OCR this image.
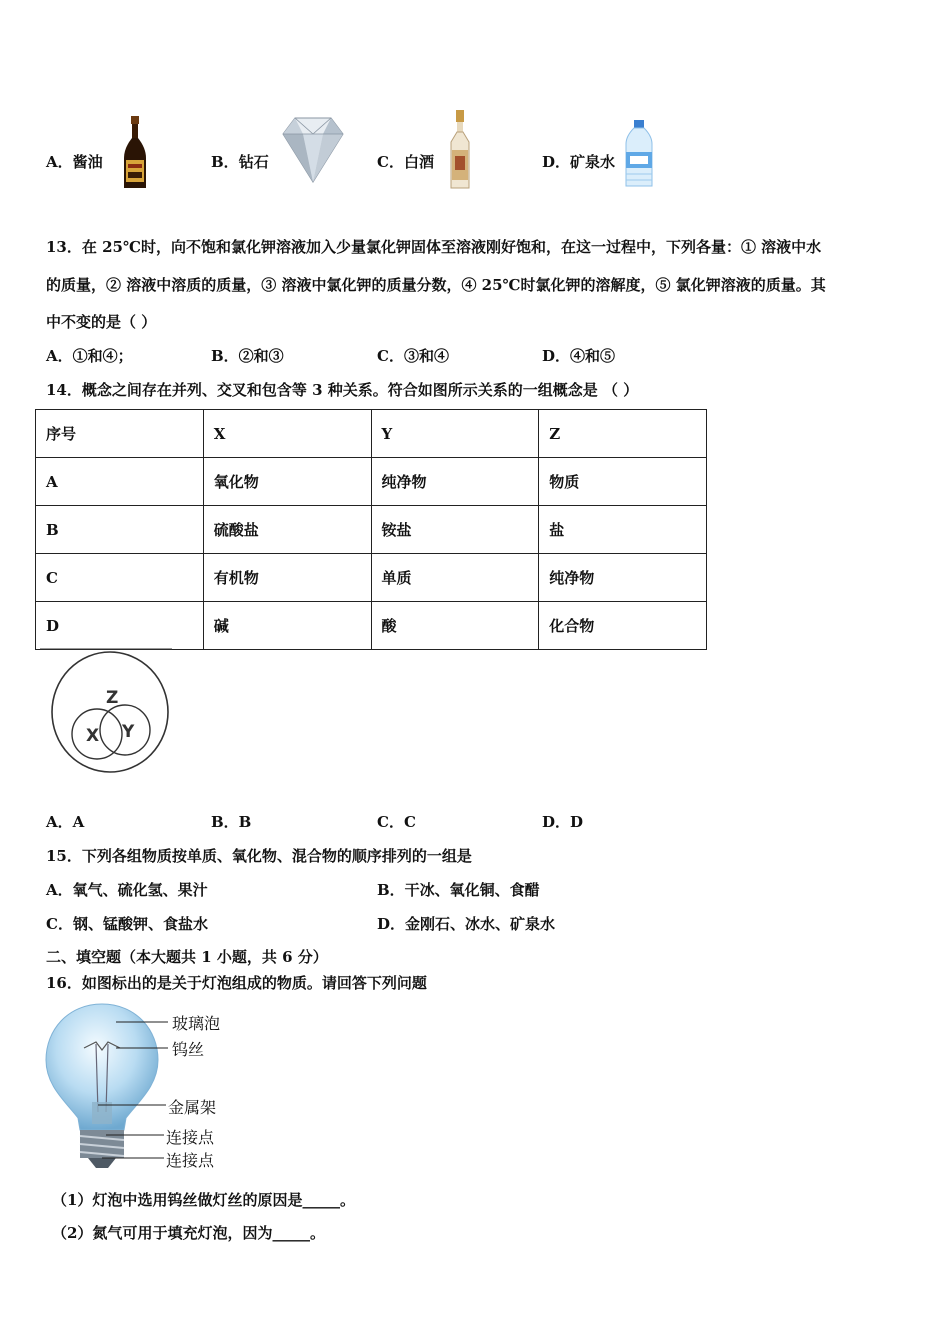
A．酱油	B．钻石	C．白酒	D．矿泉水
13．在 25℃时，向不饱和氯化钾溶液加入少量氯化钾固体至溶液刚好饱和，在这一过程中，下列各量：① 溶液中水
的质量，② 溶液中溶质的质量，③ 溶液中氯化钾的质量分数，④ 25℃时氯化钾的溶解度，⑤ 氯化钾溶液的质量。其
中不变的是（ ）
A．①和④；	B．②和③	C．③和④	D．④和⑤
14．概念之间存在并列、交叉和包含等 3 种关系。符合如图所示关系的一组概念是 （ ）
序号	X	Y	Z
A	氧化物	纯净物	物质
B	硫酸盐	铵盐	盐
C	有机物	单质	纯净物
D	碱	酸	化合物
Z
X Y
A．A	B．B	C．C	D．D
15．下列各组物质按单质、氧化物、混合物的顺序排列的一组是
A．氧气、硫化氢、果汁	B．干冰、氧化铜、食醋
C．钢、锰酸钾、食盐水	D．金刚石、冰水、矿泉水
二、填空题（本大题共 1 小题，共 6 分）
16．如图标出的是关于灯泡组成的物质。请回答下列问题
玻璃泡
钨丝
金属架
连接点
连接点
（1）灯泡中选用钨丝做灯丝的原因是_____。
（2）氮气可用于填充灯泡，因为_____。
